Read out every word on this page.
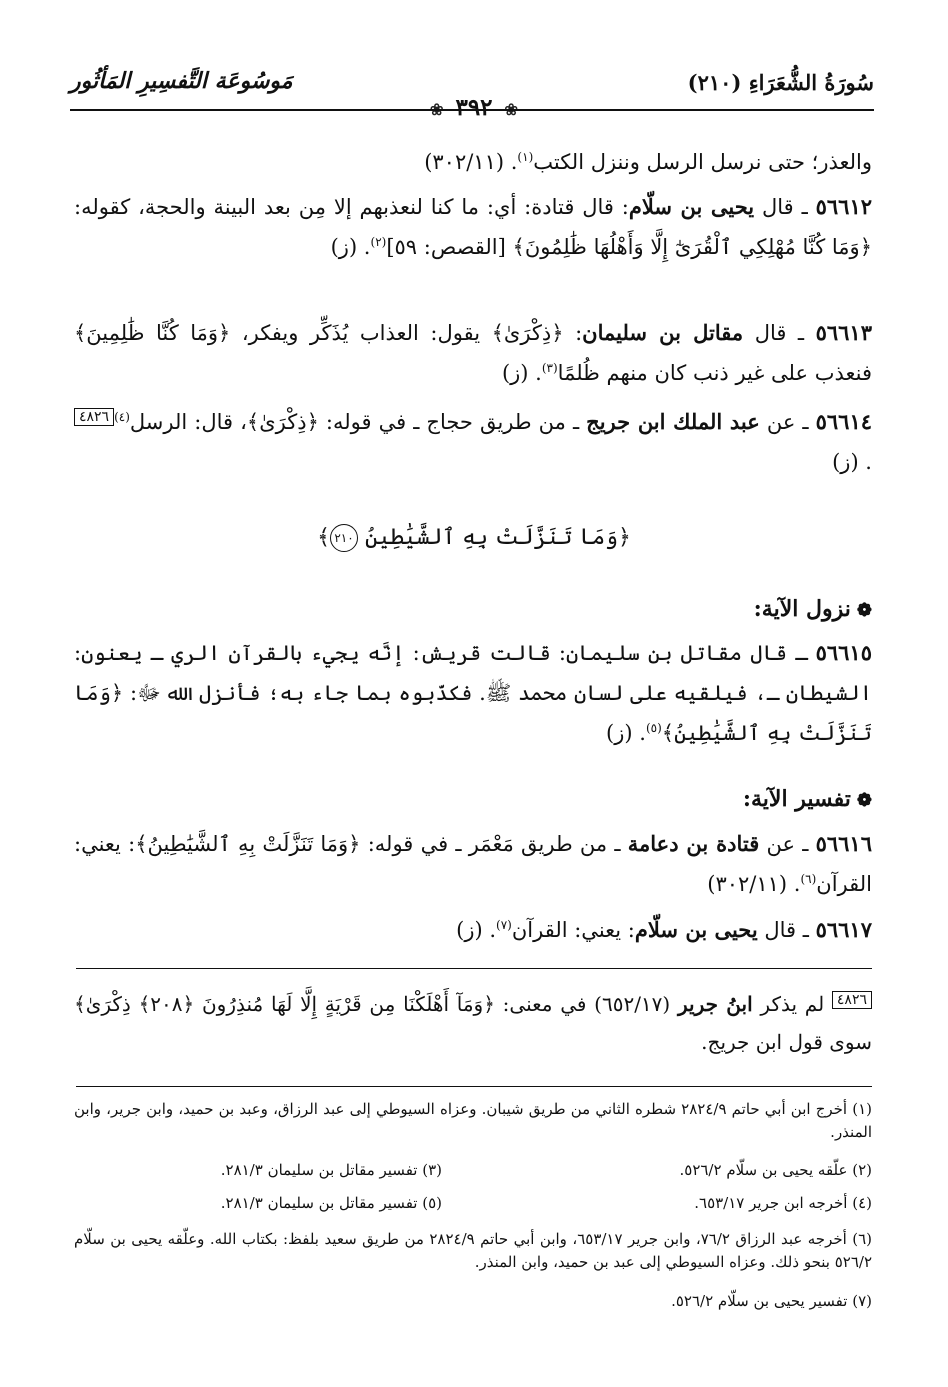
سُورَةُ الشُّعَرَاءِ (٢١٠)
مَوسُوعَة التَّفسِيرِ المَأثُور
❀ ٣٩٢ ❀
والعذر؛ حتى نرسل الرسل وننزل الكتب$^{(١)}$. (٣٠٢/١١)
٥٦٦١٢ ـ قال يحيى بن سلّام: قال قتادة: أي: ما كنا لنعذبهم إلا مِن بعد البينة والحجة، كقوله: ﴿وَمَا كُنَّا مُهْلِكِي ٱلْقُرَىٰٓ إِلَّا وَأَهْلُهَا ظَٰلِمُونَ﴾ [القصص: ٥٩]$^{(٢)}$. (ز)
٥٦٦١٣ ـ قال مقاتل بن سليمان: ﴿ذِكْرَىٰ﴾ يقول: العذاب يُذَكِّر ويفكر، ﴿وَمَا كُنَّا ظَٰلِمِينَ﴾ فنعذب على غير ذنب كان منهم ظُلمًا$^{(٣)}$. (ز)
٥٦٦١٤ ـ عن عبد الملك ابن جريج ـ من طريق حجاج ـ في قوله: ﴿ذِكْرَىٰ﴾، قال: الرسل$^{(٤)}$٤٨٢٦. (ز)
﴿وَمَا تَنَزَّلَتْ بِهِ ٱلشَّيَٰطِينُ ٢١٠﴾
❁نزول الآية:
٥٦٦١٥ ـ قال مقاتل بن سليمان: قالت قريش: إنَّه يجيء بالقرآن الري ـ يعنون: الشيطان ـ، فيلقيه على لسان محمد ﷺ. فكذّبوه بما جاء به؛ فأنزل الله ﷻ: ﴿وَمَا تَنَزَّلَتْ بِهِ ٱلشَّيَٰطِينُ﴾$^{(٥)}$. (ز)
❁تفسير الآية:
٥٦٦١٦ ـ عن قتادة بن دعامة ـ من طريق مَعْمَر ـ في قوله: ﴿وَمَا تَنَزَّلَتْ بِهِ ٱلشَّيَٰطِينُ﴾: يعني: القرآن$^{(٦)}$. (٣٠٢/١١)
٥٦٦١٧ ـ قال يحيى بن سلّام: يعني: القرآن$^{(٧)}$. (ز)
٤٨٢٦ لم يذكر ابنُ جرير (٦٥٢/١٧) في معنى: ﴿وَمَآ أَهْلَكْنَا مِن قَرْيَةٍ إِلَّا لَهَا مُنذِرُونَ ﴿٢٠٨﴾ ذِكْرَىٰ﴾ سوى قول ابن جريج.
(١) أخرج ابن أبي حاتم ٢٨٢٤/٩ شطره الثاني من طريق شيبان. وعزاه السيوطي إلى عبد الرزاق، وعبد بن حميد، وابن جرير، وابن المنذر.
(٢) علّقه يحيى بن سلّام ٥٢٦/٢.
(٣) تفسير مقاتل بن سليمان ٢٨١/٣.
(٤) أخرجه ابن جرير ٦٥٣/١٧.
(٥) تفسير مقاتل بن سليمان ٢٨١/٣.
(٦) أخرجه عبد الرزاق ٧٦/٢، وابن جرير ٦٥٣/١٧، وابن أبي حاتم ٢٨٢٤/٩ من طريق سعيد بلفظ: بكتاب الله. وعلّقه يحيى بن سلّام ٥٢٦/٢ بنحو ذلك. وعزاه السيوطي إلى عبد بن حميد، وابن المنذر.
(٧) تفسير يحيى بن سلّام ٥٢٦/٢.
